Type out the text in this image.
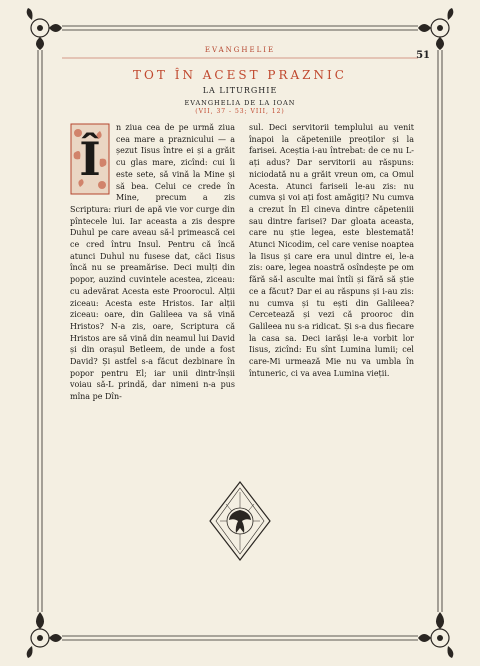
EVANGHELIE	51
TOT ÎN ACEST PRAZNIC
LA LITURGHIE
EVANGHELIA DE LA IOAN
(VII, 37 - 53; VIII, 12)
Î
n ziua cea de pe urmă ziua cea mare a praznicului — a șezut Iisus între ei și a grăit cu glas mare, zicînd: cui îi este sete, să vină la Mine și să bea. Celui ce crede în Mine, precum a zis Scriptura: riuri de apă vie vor curge din pîntecele lui. Iar aceasta a zis despre Duhul pe care aveau să-l primească cei ce cred întru Insul. Pentru că încă atunci Duhul nu fusese dat, căci Iisus încă nu se preamărise. Deci mulți din popor, auzind cuvintele acestea, ziceau: cu adevărat Acesta este Proorocul. Alții ziceau: Acesta este Hristos. Iar alții ziceau: oare, din Galileea va să vină Hristos? N-a zis, oare, Scriptura că Hristos are să vină din neamul lui David și din orașul Betleem, de unde a fost David? Și astfel s-a făcut dezbinare în popor pentru El; iar unii dintr-înșii voiau să-L prindă, dar nimeni n-a pus mîna pe Dîn-
sul. Deci servitorii templului au venit înapoi la căpeteniile preoților și la farisei. Aceștia i-au întrebat: de ce nu L-ați adus? Dar servitorii au răspuns: niciodată nu a grăit vreun om, ca Omul Acesta. Atunci fariseii le-au zis: nu cumva și voi ați fost amăgiți? Nu cumva a crezut în El cineva dintre căpeteniii sau dintre farisei? Dar gloata aceasta, care nu știe legea, este blestemată! Atunci Nicodim, cel care venise noaptea la Iisus și care era unul dintre ei, le-a zis: oare, legea noastră osîndește pe om fără să-l asculte mai întîi și fără să știe ce a făcut? Dar ei au răspuns și i-au zis: nu cumva și tu ești din Galileea? Cercetează și vezi că prooroc din Galileea nu s-a ridicat. Și s-a dus fiecare la casa sa. Deci iarăși le-a vorbit lor Iisus, zicînd: Eu sînt Lumina lumii; cel care-Mi urmează Mie nu va umbla în întuneric, ci va avea Lumina vieții.
